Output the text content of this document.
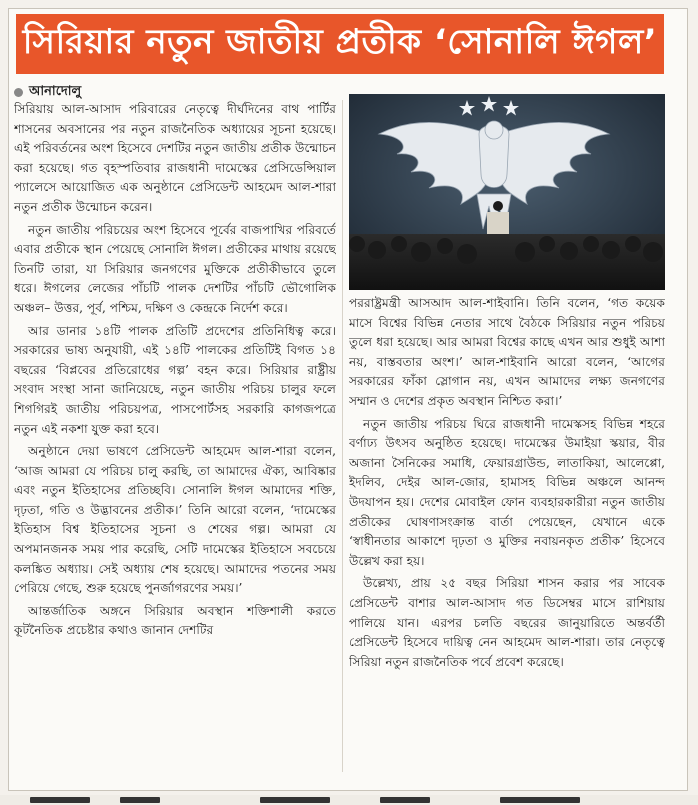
সিরিয়ার নতুন জাতীয় প্রতীক ‘সোনালি ঈগল’
আনাদোলু

সিরিয়ায় আল-আসাদ পরিবারের নেতৃত্বে দীর্ঘদিনের বাথ পার্টির শাসনের অবসানের পর নতুন রাজনৈতিক অধ্যায়ের সূচনা হয়েছে। এই পরিবর্তনের অংশ হিসেবে দেশটির নতুন জাতীয় প্রতীক উন্মোচন করা হয়েছে। গত বৃহস্পতিবার রাজধানী দামেস্কের প্রেসিডেন্সিয়াল প্যালেসে আয়োজিত এক অনুষ্ঠানে প্রেসিডেন্ট আহমেদ আল-শারা নতুন প্রতীক উন্মোচন করেন।

নতুন জাতীয় পরিচয়ের অংশ হিসেবে পূর্বের বাজপাখির পরিবর্তে এবার প্রতীকে স্থান পেয়েছে সোনালি ঈগল। প্রতীকের মাথায় রয়েছে তিনটি তারা, যা সিরিয়ার জনগণের মুক্তিকে প্রতীকীভাবে তুলে ধরে। ঈগলের লেজের পাঁচটি পালক দেশটির পাঁচটি ভৌগোলিক অঞ্চল– উত্তর, পূর্ব, পশ্চিম, দক্ষিণ ও কেন্দ্রকে নির্দেশ করে।

আর ডানার ১৪টি পালক প্রতিটি প্রদেশের প্রতিনিধিত্ব করে। সরকারের ভাষ্য অনুযায়ী, এই ১৪টি পালকের প্রতিটিই বিগত ১৪ বছরের ‘বিপ্লবের প্রতিরোধের গল্প’ বহন করে। সিরিয়ার রাষ্ট্রীয় সংবাদ সংস্থা সানা জানিয়েছে, নতুন জাতীয় পরিচয় চালুর ফলে শিগগিরই জাতীয় পরিচয়পত্র, পাসপোর্টসহ সরকারি কাগজপত্রে নতুন এই নকশা যুক্ত করা হবে।

অনুষ্ঠানে দেয়া ভাষণে প্রেসিডেন্ট আহমেদ আল-শারা বলেন, ‘আজ আমরা যে পরিচয় চালু করছি, তা আমাদের ঐক্য, আবিষ্কার এবং নতুন ইতিহাসের প্রতিচ্ছবি। সোনালি ঈগল আমাদের শক্তি, দৃঢ়তা, গতি ও উদ্ভাবনের প্রতীক।’ তিনি আরো বলেন, ‘দামেস্কের ইতিহাস বিশ্ব ইতিহাসের সূচনা ও শেষের গল্প। আমরা যে অপমানজনক সময় পার করেছি, সেটি দামেস্কের ইতিহাসে সবচেয়ে কলঙ্কিত অধ্যায়। সেই অধ্যায় শেষ হয়েছে। আমাদের পতনের সময় পেরিয়ে গেছে, শুরু হয়েছে পুনর্জাগরণের সময়।’

আন্তর্জাতিক অঙ্গনে সিরিয়ার অবস্থান শক্তিশালী করতে কূটনৈতিক প্রচেষ্টার কথাও জানান দেশটির

পররাষ্ট্রমন্ত্রী আসআদ আল-শাইবানি। তিনি বলেন, ‘গত কয়েক মাসে বিশ্বের বিভিন্ন নেতার সাথে বৈঠকে সিরিয়ার নতুন পরিচয় তুলে ধরা হয়েছে। আর আমরা বিশ্বের কাছে এখন আর শুধুই আশা নয়, বাস্তবতার অংশ।’ আল-শাইবানি আরো বলেন, ‘আগের সরকারের ফাঁকা স্লোগান নয়, এখন আমাদের লক্ষ্য জনগণের সম্মান ও দেশের প্রকৃত অবস্থান নিশ্চিত করা।’

নতুন জাতীয় পরিচয় ঘিরে রাজধানী দামেস্কসহ বিভিন্ন শহরে বর্ণাঢ্য উৎসব অনুষ্ঠিত হয়েছে। দামেস্কের উমাইয়া স্কয়ার, বীর অজানা সৈনিকের সমাধি, ফেয়ারগ্রাউন্ড, লাতাকিয়া, আলেপ্পো, ইদলিব, দেইর আল-জোর, হামাসহ বিভিন্ন অঞ্চলে আনন্দ উদযাপন হয়। দেশের মোবাইল ফোন ব্যবহারকারীরা নতুন জাতীয় প্রতীকের ঘোষণাসংক্রান্ত বার্তা পেয়েছেন, যেখানে একে ‘স্বাধীনতার আকাশে দৃঢ়তা ও মুক্তির নবায়নকৃত প্রতীক’ হিসেবে উল্লেখ করা হয়।

উল্লেখ্য, প্রায় ২৫ বছর সিরিয়া শাসন করার পর সাবেক প্রেসিডেন্ট বাশার আল-আসাদ গত ডিসেম্বর মাসে রাশিয়ায় পালিয়ে যান। এরপর চলতি বছরের জানুয়ারিতে অন্তর্বর্তী প্রেসিডেন্ট হিসেবে দায়িত্ব নেন আহমেদ আল-শারা। তার নেতৃত্বে সিরিয়া নতুন রাজনৈতিক পর্বে প্রবেশ করেছে।
